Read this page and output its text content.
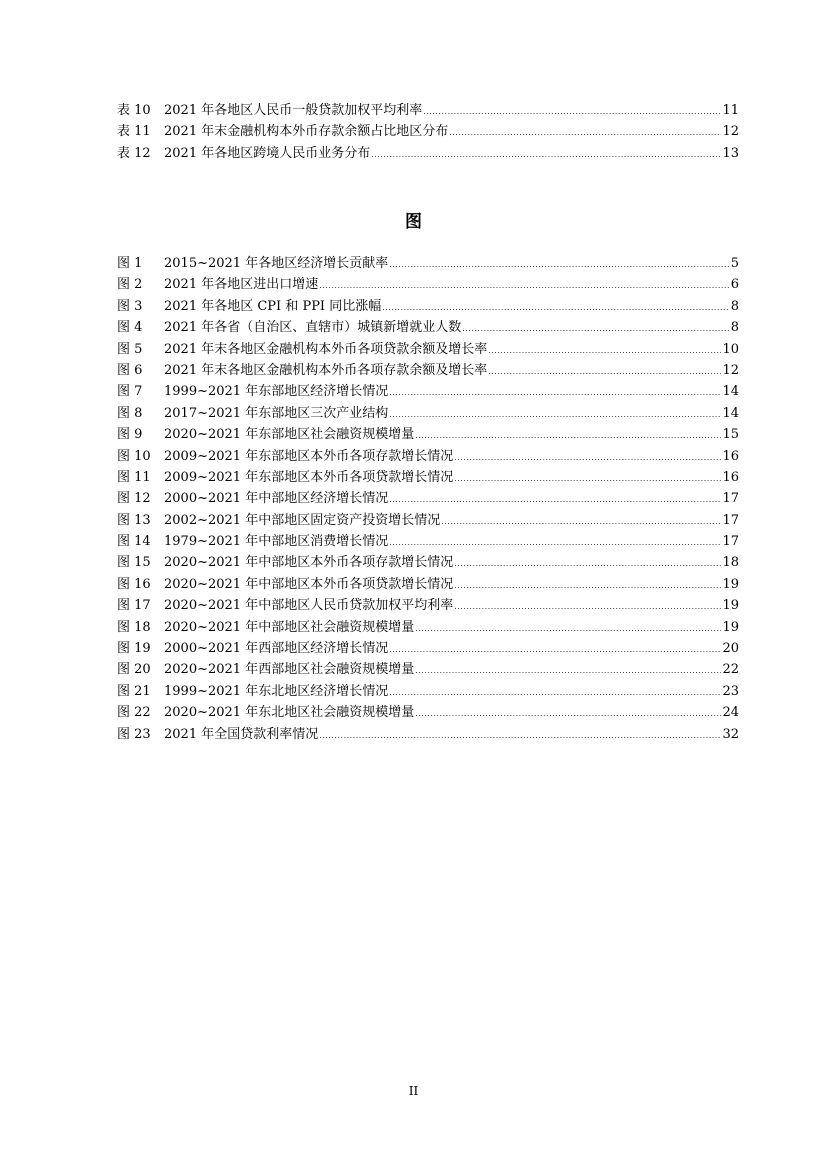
表 10	2021 年各地区人民币一般贷款加权平均利率 .....	11
表 11	2021 年末金融机构本外币存款余额占比地区分布 .....	12
表 12	2021 年各地区跨境人民币业务分布 .....	13
图
图 1	2015~2021 年各地区经济增长贡献率 .....	5
图 2	2021 年各地区进出口增速 .....	6
图 3	2021 年各地区 CPI 和 PPI 同比涨幅 .....	8
图 4	2021 年各省（自治区、直辖市）城镇新增就业人数 .....	8
图 5	2021 年末各地区金融机构本外币各项贷款余额及增长率 .....	10
图 6	2021 年末各地区金融机构本外币各项存款余额及增长率 .....	12
图 7	1999~2021 年东部地区经济增长情况 .....	14
图 8	2017~2021 年东部地区三次产业结构 .....	14
图 9	2020~2021 年东部地区社会融资规模增量 .....	15
图 10	2009~2021 年东部地区本外币各项存款增长情况 .....	16
图 11	2009~2021 年东部地区本外币各项贷款增长情况 .....	16
图 12	2000~2021 年中部地区经济增长情况 .....	17
图 13	2002~2021 年中部地区固定资产投资增长情况 .....	17
图 14	1979~2021 年中部地区消费增长情况 .....	17
图 15	2020~2021 年中部地区本外币各项存款增长情况 .....	18
图 16	2020~2021 年中部地区本外币各项贷款增长情况 .....	19
图 17	2020~2021 年中部地区人民币贷款加权平均利率 .....	19
图 18	2020~2021 年中部地区社会融资规模增量 .....	19
图 19	2000~2021 年西部地区经济增长情况 .....	20
图 20	2020~2021 年西部地区社会融资规模增量 .....	22
图 21	1999~2021 年东北地区经济增长情况 .....	23
图 22	2020~2021 年东北地区社会融资规模增量 .....	24
图 23	2021 年全国贷款利率情况 .....	32
II
